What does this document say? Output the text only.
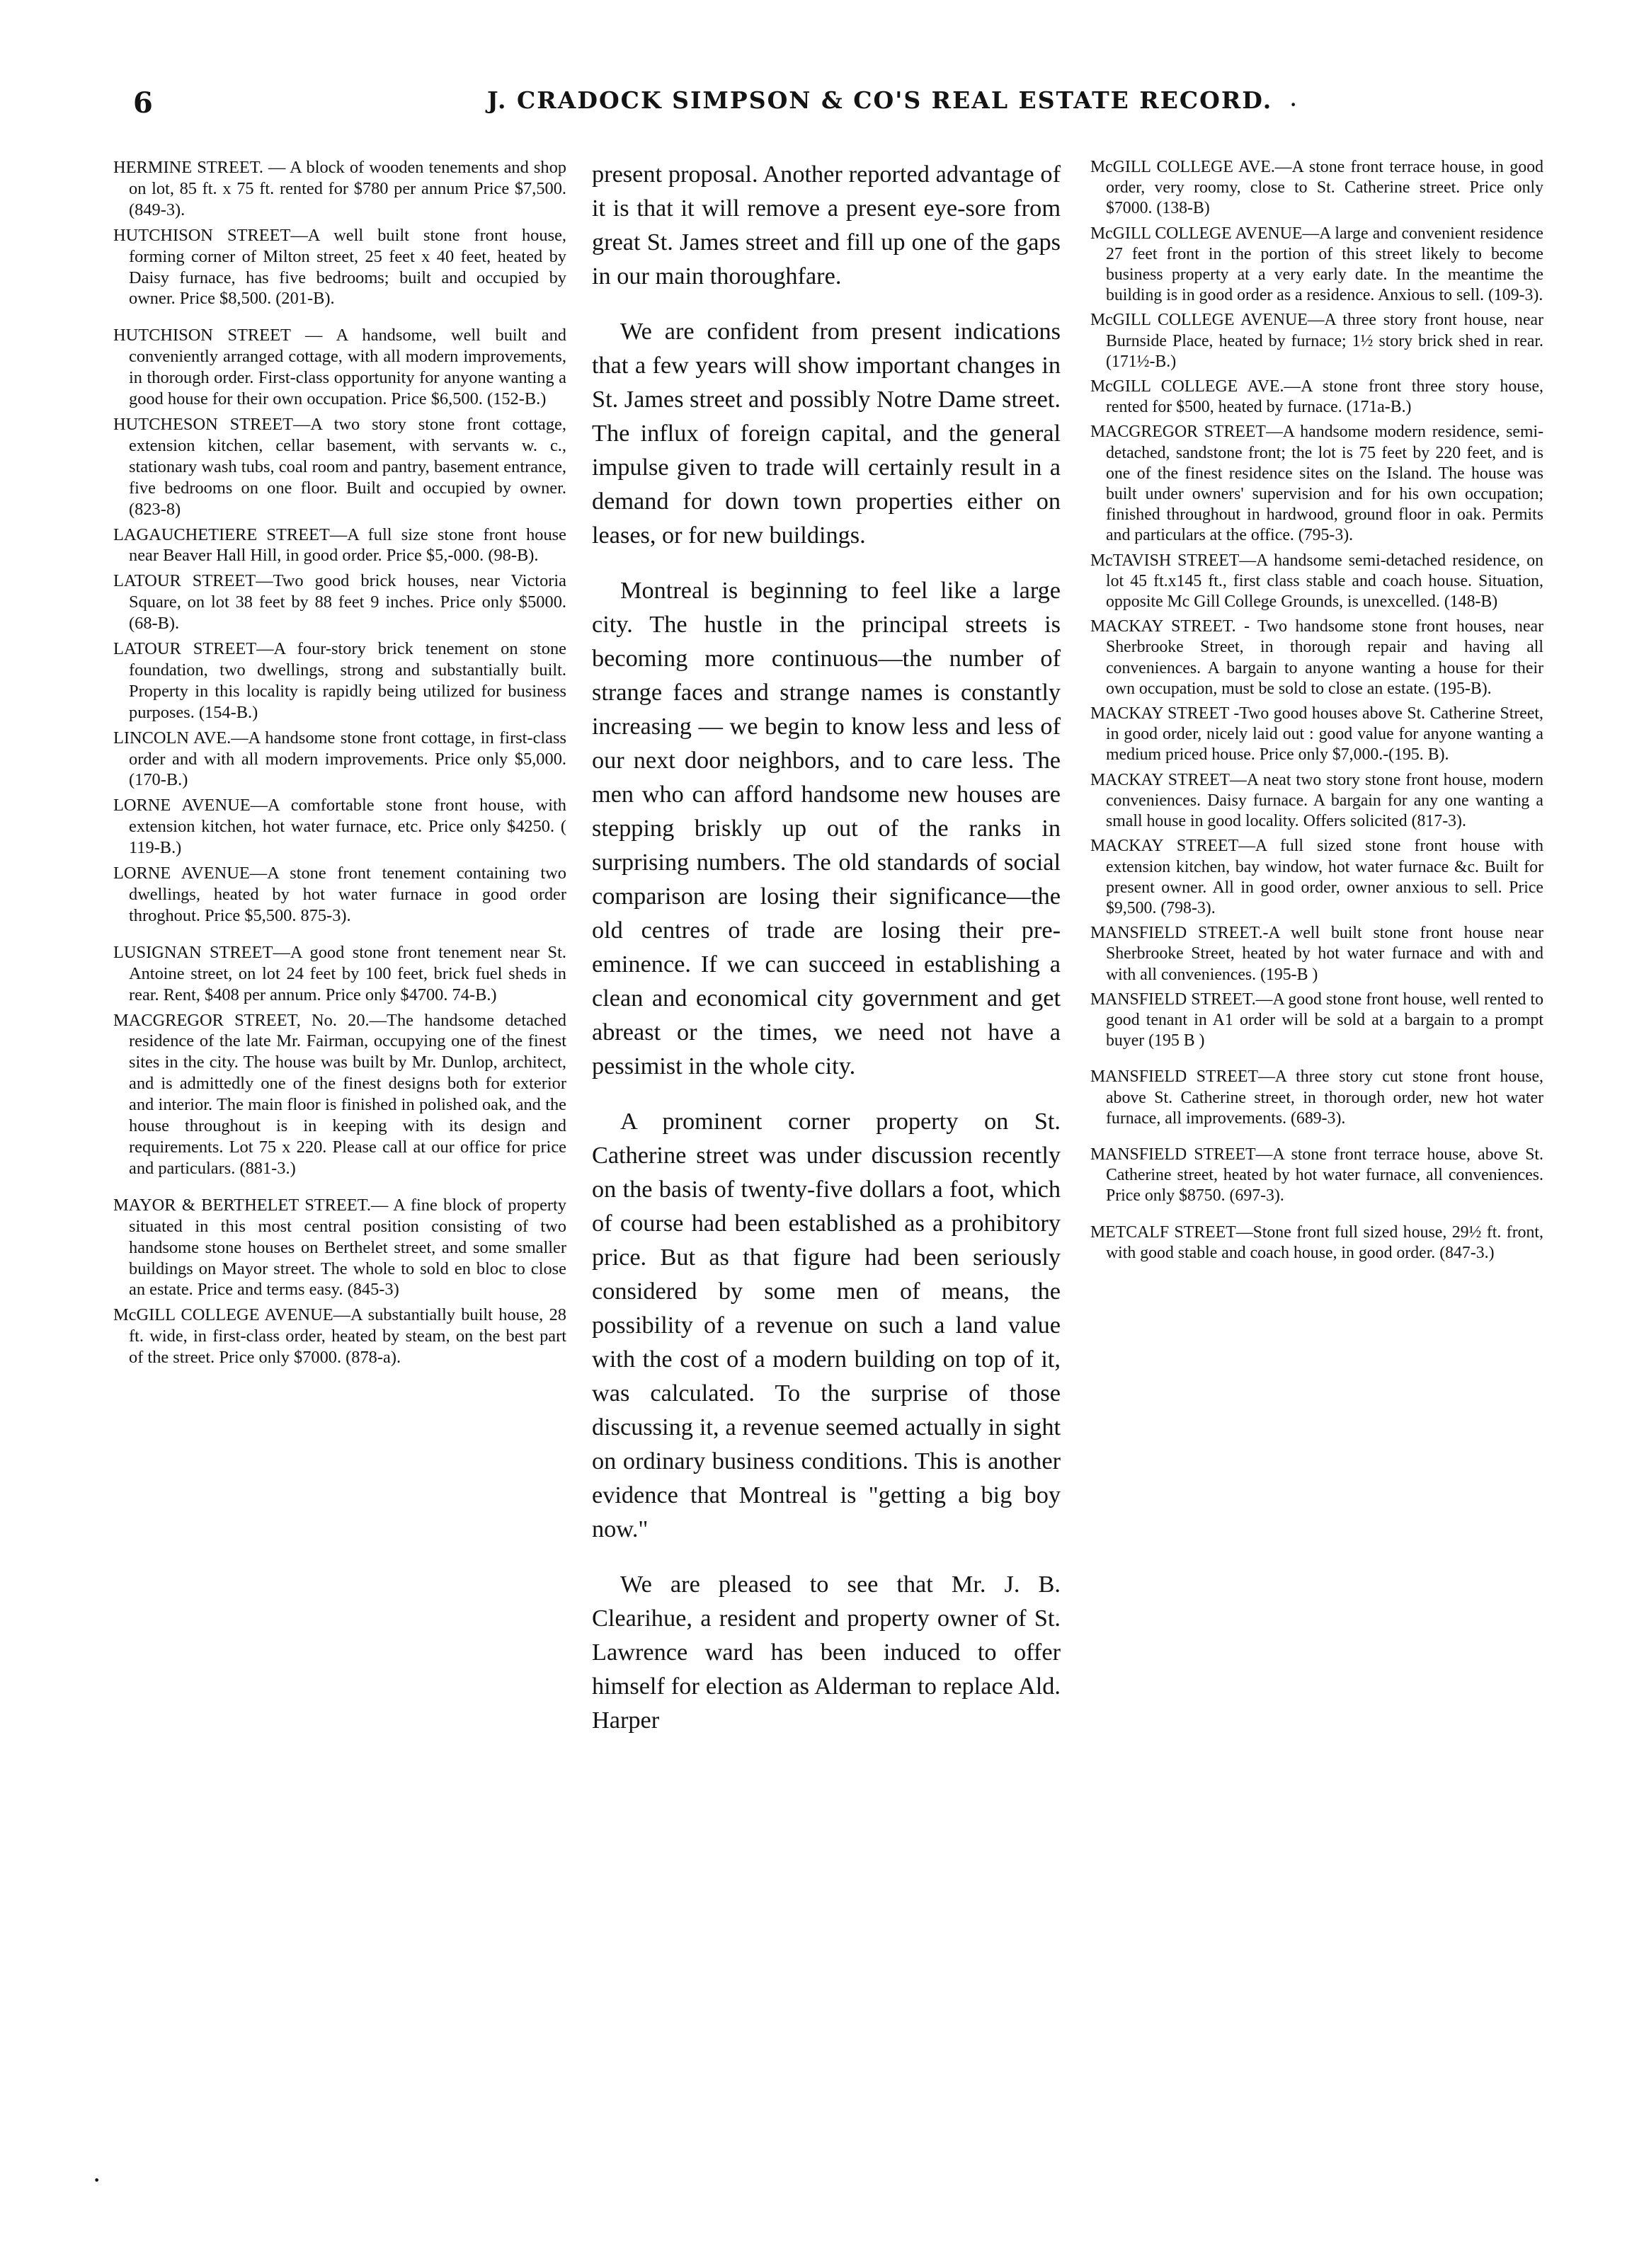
6	J. CRADOCK SIMPSON & CO'S REAL ESTATE RECORD. ·
·

HERMINE STREET. — A block of wooden tenements and shop on lot, 85 ft. x 75 ft. rented for $780 per annum Price $7,500.(849-3).

HUTCHISON STREET—A well built stone front house, forming corner of Milton street, 25 feet x 40 feet, heated by Daisy furnace, has five bedrooms; built and occupied by owner. Price $8,500. (201-B).

HUTCHISON STREET — A handsome, well built and conveniently arranged cottage, with all modern improvements, in thorough order. First-class opportunity for anyone wanting a good house for their own occupation. Price $6,500. (152-B.)

HUTCHESON STREET—A two story stone front cottage, extension kitchen, cellar basement, with servants w. c., stationary wash tubs, coal room and pantry, basement entrance, five bedrooms on one floor. Built and occupied by owner. (823-8)

LAGAUCHETIERE STREET—A full size stone front house near Beaver Hall Hill, in good order. Price $5,-000. (98-B).

LATOUR STREET—Two good brick houses, near Victoria Square, on lot 38 feet by 88 feet 9 inches. Price only $5000. (68-B).

LATOUR STREET—A four-story brick tenement on stone foundation, two dwellings, strong and substantially built. Property in this locality is rapidly being utilized for business purposes. (154-B.)

LINCOLN AVE.—A handsome stone front cottage, in first-class order and with all modern improvements. Price only $5,000. (170-B.)

LORNE AVENUE—A comfortable stone front house, with extension kitchen, hot water furnace, etc. Price only $4250. ( 119-B.)

LORNE AVENUE—A stone front tenement containing two dwellings, heated by hot water furnace in good order throghout. Price $5,500. 875-3).

LUSIGNAN STREET—A good stone front tenement near St. Antoine street, on lot 24 feet by 100 feet, brick fuel sheds in rear. Rent, $408 per annum. Price only $4700. 74-B.)

MACGREGOR STREET, No. 20.—The handsome detached residence of the late Mr. Fairman, occupying one of the finest sites in the city. The house was built by Mr. Dunlop, architect, and is admittedly one of the finest designs both for exterior and interior. The main floor is finished in polished oak, and the house throughout is in keeping with its design and requirements. Lot 75 x 220. Please call at our office for price and particulars. (881-3.)

MAYOR & BERTHELET STREET.— A fine block of property situated in this most central position consisting of two handsome stone houses on Berthelet street, and some smaller buildings on Mayor street. The whole to sold en bloc to close an estate. Price and terms easy. (845-3)

McGILL COLLEGE AVENUE—A substantially built house, 28 ft. wide, in first-class order, heated by steam, on the best part of the street. Price only $7000. (878-a).

present proposal. Another reported advantage of it is that it will remove a present eye-sore from great St. James street and fill up one of the gaps in our main thoroughfare.

We are confident from present indications that a few years will show important changes in St. James street and possibly Notre Dame street. The influx of foreign capital, and the general impulse given to trade will certainly result in a demand for down town properties either on leases, or for new buildings.

Montreal is beginning to feel like a large city. The hustle in the principal streets is becoming more continuous—the number of strange faces and strange names is constantly increasing — we begin to know less and less of our next door neighbors, and to care less. The men who can afford handsome new houses are stepping briskly up out of the ranks in surprising numbers. The old standards of social comparison are losing their significance—the old centres of trade are losing their pre-eminence. If we can succeed in establishing a clean and economical city government and get abreast or the times, we need not have a pessimist in the whole city.

A prominent corner property on St. Catherine street was under discussion recently on the basis of twenty-five dollars a foot, which of course had been established as a prohibitory price. But as that figure had been seriously considered by some men of means, the possibility of a revenue on such a land value with the cost of a modern building on top of it, was calculated. To the surprise of those discussing it, a revenue seemed actually in sight on ordinary business conditions. This is another evidence that Montreal is "getting a big boy now."

We are pleased to see that Mr. J. B. Clearihue, a resident and property owner of St. Lawrence ward has been induced to offer himself for election as Alderman to replace Ald. Harper

McGILL COLLEGE AVE.—A stone front terrace house, in good order, very roomy, close to St. Catherine street. Price only $7000. (138-B)

McGILL COLLEGE AVENUE—A large and convenient residence 27 feet front in the portion of this street likely to become business property at a very early date. In the meantime the building is in good order as a residence. Anxious to sell. (109-3).

McGILL COLLEGE AVENUE—A three story front house, near Burnside Place, heated by furnace; 1½ story brick shed in rear. (171½-B.)

McGILL COLLEGE AVE.—A stone front three story house, rented for $500, heated by furnace. (171a-B.)

MACGREGOR STREET—A handsome modern residence, semi-detached, sandstone front; the lot is 75 feet by 220 feet, and is one of the finest residence sites on the Island. The house was built under owners' supervision and for his own occupation; finished throughout in hardwood, ground floor in oak. Permits and particulars at the office. (795-3).

McTAVISH STREET—A handsome semi-detached residence, on lot 45 ft.x145 ft., first class stable and coach house. Situation, opposite Mc Gill College Grounds, is unexcelled. (148-B)

MACKAY STREET. - Two handsome stone front houses, near Sherbrooke Street, in thorough repair and having all conveniences. A bargain to anyone wanting a house for their own occupation, must be sold to close an estate. (195-B).

MACKAY STREET -Two good houses above St. Catherine Street, in good order, nicely laid out : good value for anyone wanting a medium priced house. Price only $7,000.-(195. B).

MACKAY STREET—A neat two story stone front house, modern conveniences. Daisy furnace. A bargain for any one wanting a small house in good locality. Offers solicited (817-3).

MACKAY STREET—A full sized stone front house with extension kitchen, bay window, hot water furnace &c. Built for present owner. All in good order, owner anxious to sell. Price $9,500. (798-3).

MANSFIELD STREET.-A well built stone front house near Sherbrooke Street, heated by hot water furnace and with and with all conveniences. (195-B )

MANSFIELD STREET.—A good stone front house, well rented to good tenant in A1 order will be sold at a bargain to a prompt buyer (195 B )

MANSFIELD STREET—A three story cut stone front house, above St. Catherine street, in thorough order, new hot water furnace, all improvements. (689-3).

MANSFIELD STREET—A stone front terrace house, above St. Catherine street, heated by hot water furnace, all conveniences. Price only $8750. (697-3).

METCALF STREET—Stone front full sized house, 29½ ft. front, with good stable and coach house, in good order. (847-3.)
